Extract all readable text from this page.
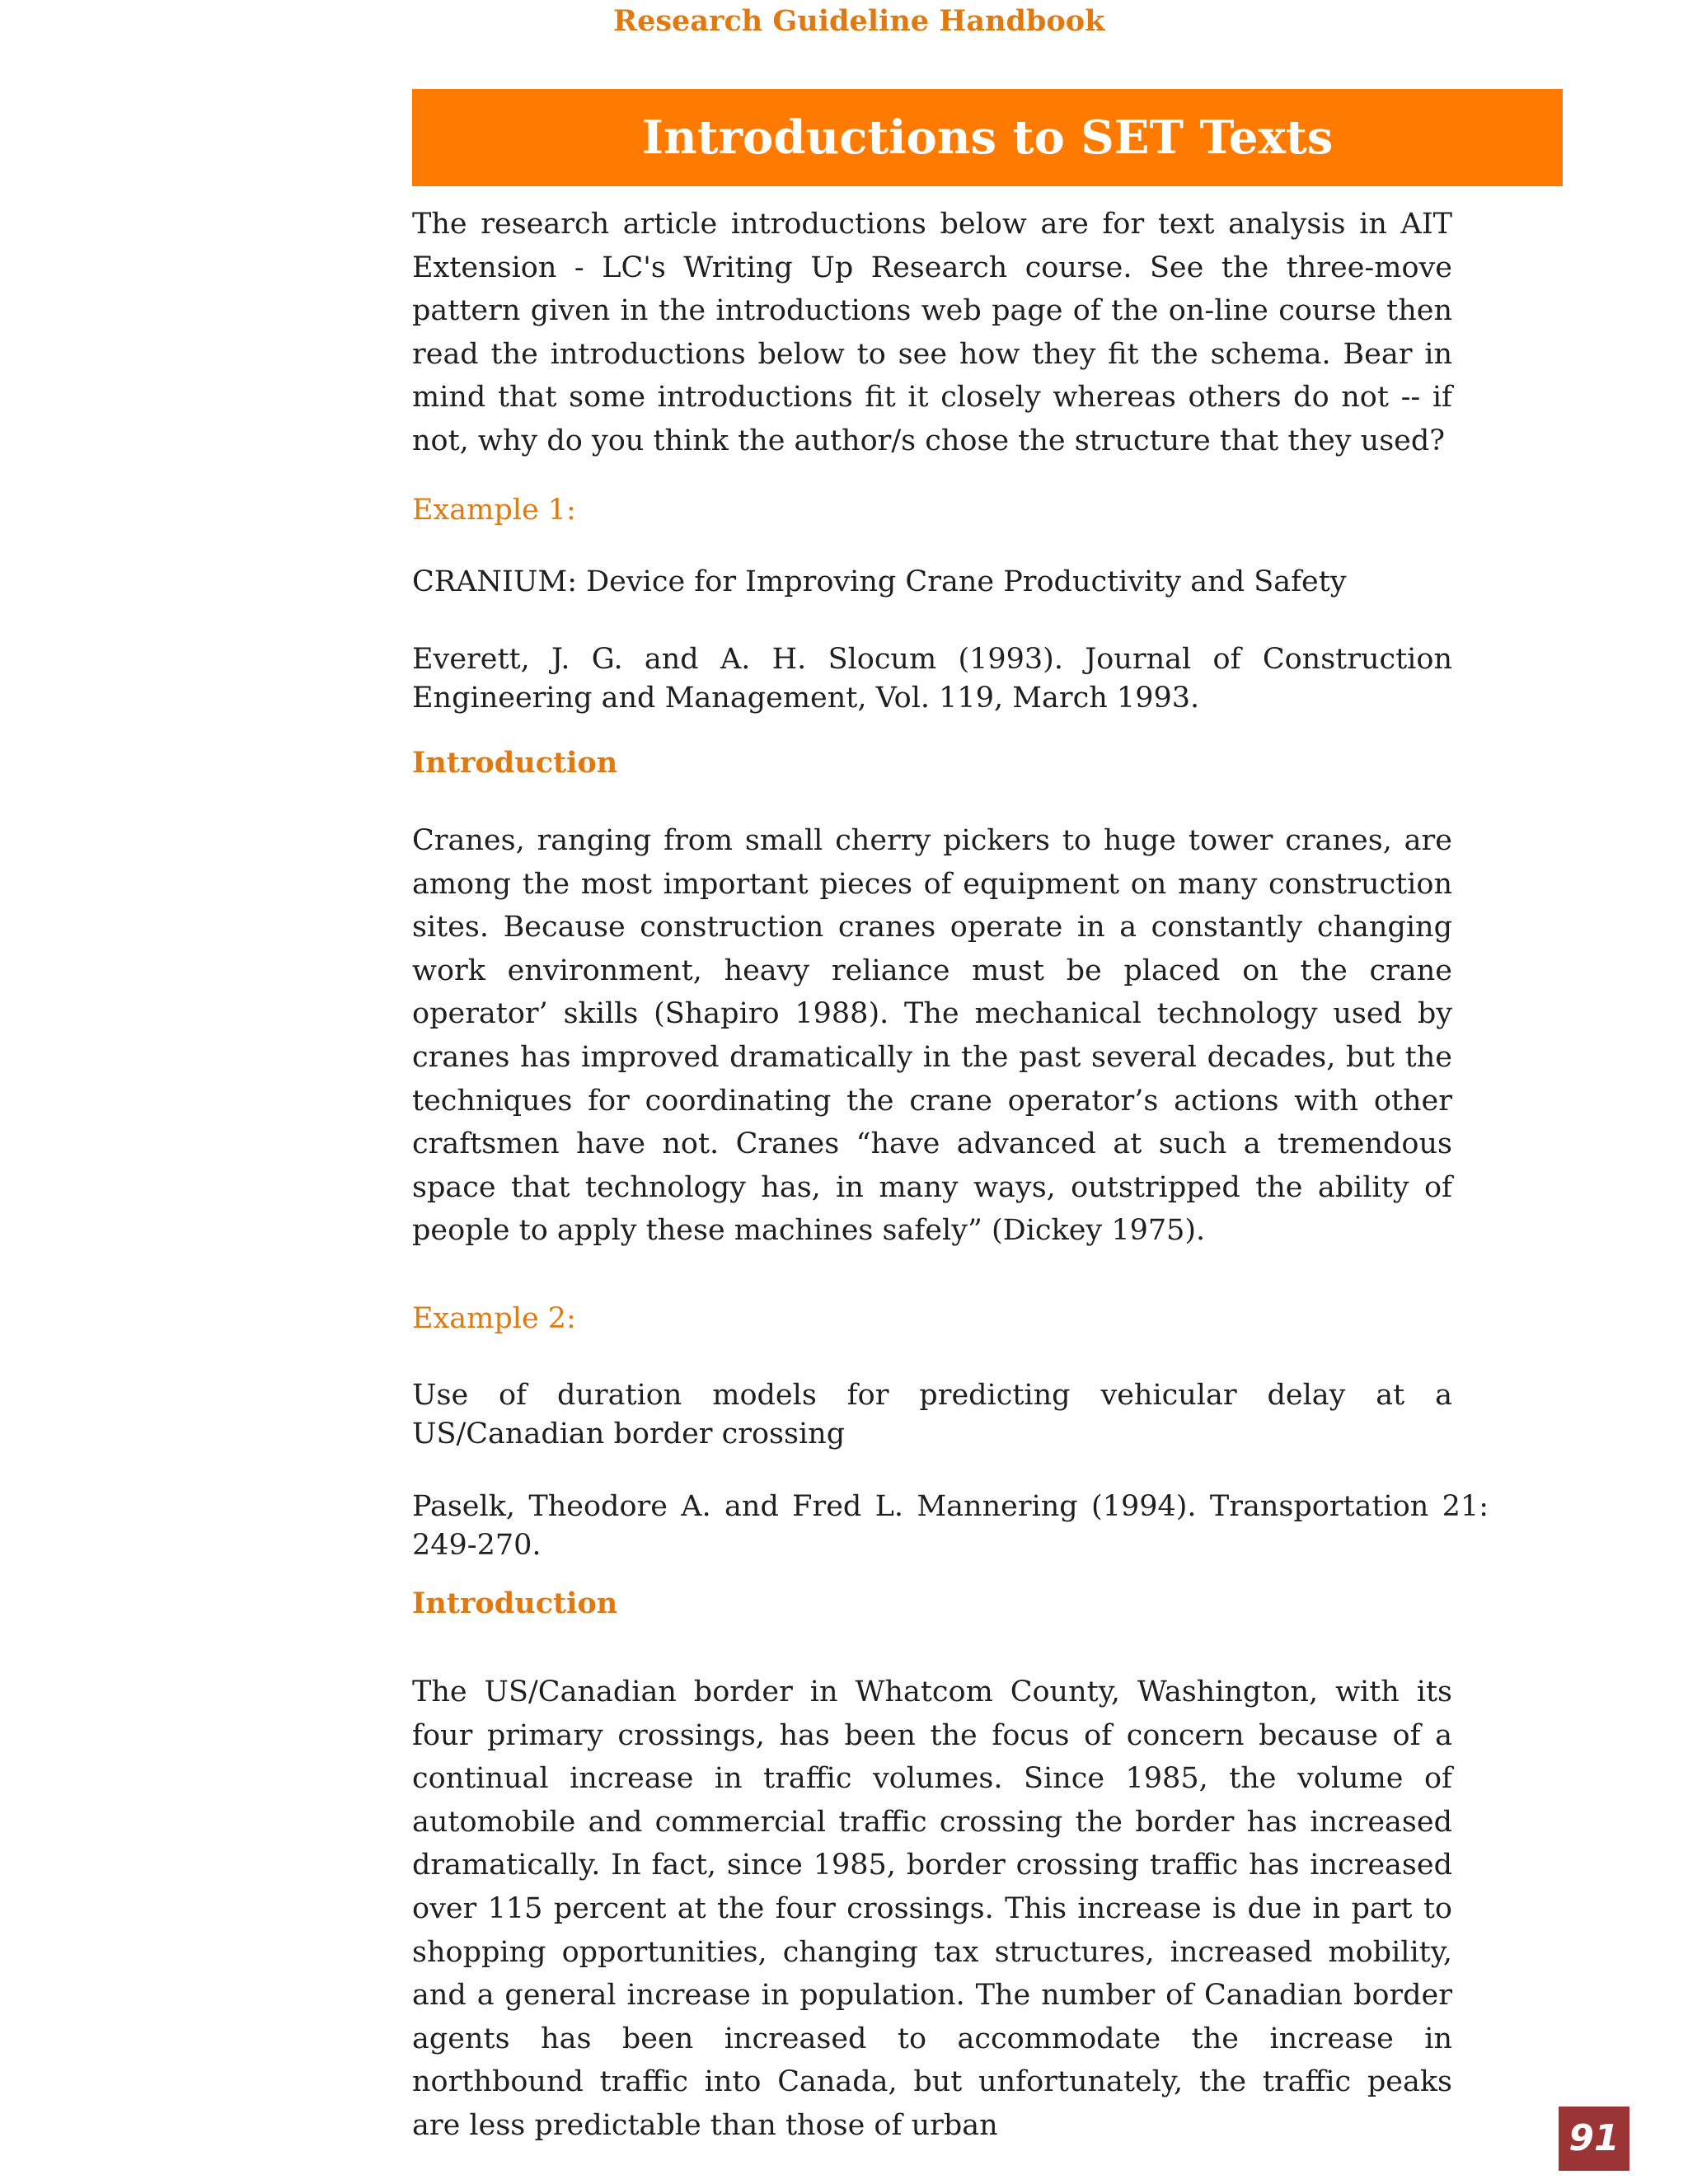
Research Guideline Handbook
Introductions to SET Texts

The research article introductions below are for text analysis in AIT Extension - LC's Writing Up Research course. See the three-move pattern given in the introductions web page of the on-line course then read the introductions below to see how they fit the schema. Bear in mind that some introductions fit it closely whereas others do not -- if not, why do you think the author/s chose the structure that they used?

Example 1:

CRANIUM: Device for Improving Crane Productivity and Safety

Everett, J. G. and A. H. Slocum (1993). Journal of Construction Engineering and Management, Vol. 119, March 1993.

Introduction

Cranes, ranging from small cherry pickers to huge tower cranes, are among the most important pieces of equipment on many construction sites. Because construction cranes operate in a constantly changing work environment, heavy reliance must be placed on the crane operator’ skills (Shapiro 1988). The mechanical technology used by cranes has improved dramatically in the past several decades, but the techniques for coordinating the crane operator’s actions with other craftsmen have not. Cranes “have advanced at such a tremendous space that technology has, in many ways, outstripped the ability of people to apply these machines safely” (Dickey 1975).

Example 2:

Use of duration models for predicting vehicular delay at a US/Canadian border crossing

Paselk, Theodore A. and Fred L. Mannering (1994). Transportation 21: 249-270.

Introduction

The US/Canadian border in Whatcom County, Washington, with its four primary crossings, has been the focus of concern because of a continual increase in traffic volumes. Since 1985, the volume of automobile and commercial traffic crossing the border has increased dramatically. In fact, since 1985, border crossing traffic has increased over 115 percent at the four crossings. This increase is due in part to shopping opportunities, changing tax structures, increased mobility, and a general increase in population. The number of Canadian border agents has been increased to accommodate the increase in northbound traffic into Canada, but unfortunately, the traffic peaks are less predictable than those of urban	91
